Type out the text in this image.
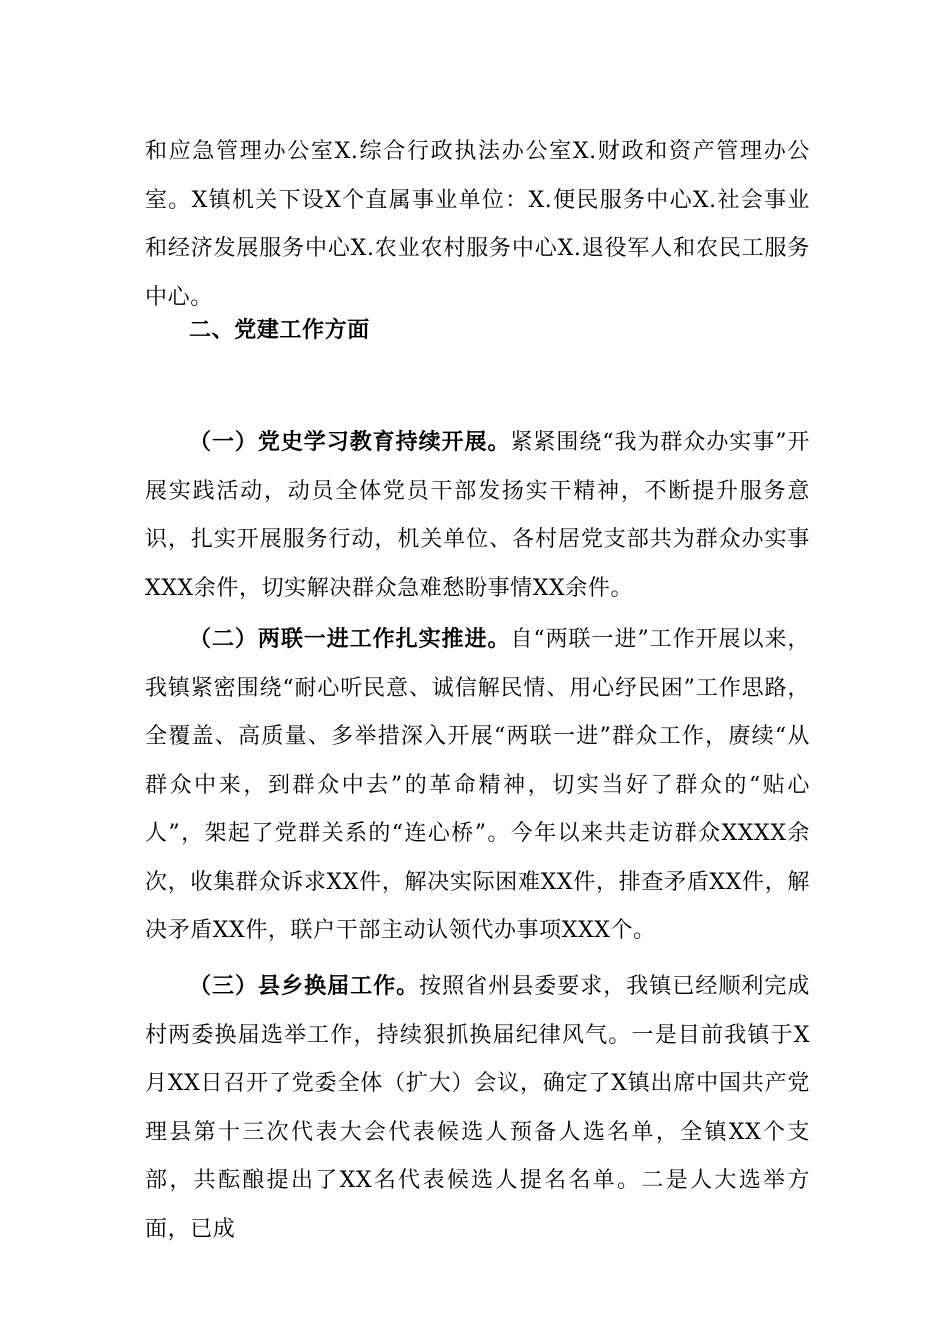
和应急管理办公室X.综合行政执法办公室X.财政和资产管理办公室。X镇机关下设X个直属事业单位：X.便民服务中心X.社会事业和经济发展服务中心X.农业农村服务中心X.退役军人和农民工服务中心。

二、党建工作方面

（一）党史学习教育持续开展。紧紧围绕“我为群众办实事”开展实践活动，动员全体党员干部发扬实干精神，不断提升服务意识，扎实开展服务行动，机关单位、各村居党支部共为群众办实事XXX余件，切实解决群众急难愁盼事情XX余件。

（二）两联一进工作扎实推进。自“两联一进”工作开展以来，我镇紧密围绕“耐心听民意、诚信解民情、用心纾民困”工作思路，全覆盖、高质量、多举措深入开展“两联一进”群众工作，赓续“从群众中来，到群众中去”的革命精神，切实当好了群众的“贴心人”，架起了党群关系的“连心桥”。今年以来共走访群众XXXX余次，收集群众诉求XX件，解决实际困难XX件，排查矛盾XX件，解决矛盾XX件，联户干部主动认领代办事项XXX个。

（三）县乡换届工作。按照省州县委要求，我镇已经顺利完成村两委换届选举工作，持续狠抓换届纪律风气。一是目前我镇于X月XX日召开了党委全体（扩大）会议，确定了X镇出席中国共产党理县第十三次代表大会代表候选人预备人选名单，全镇XX个支部，共酝酿提出了XX名代表候选人提名名单。二是人大选举方面，已成
